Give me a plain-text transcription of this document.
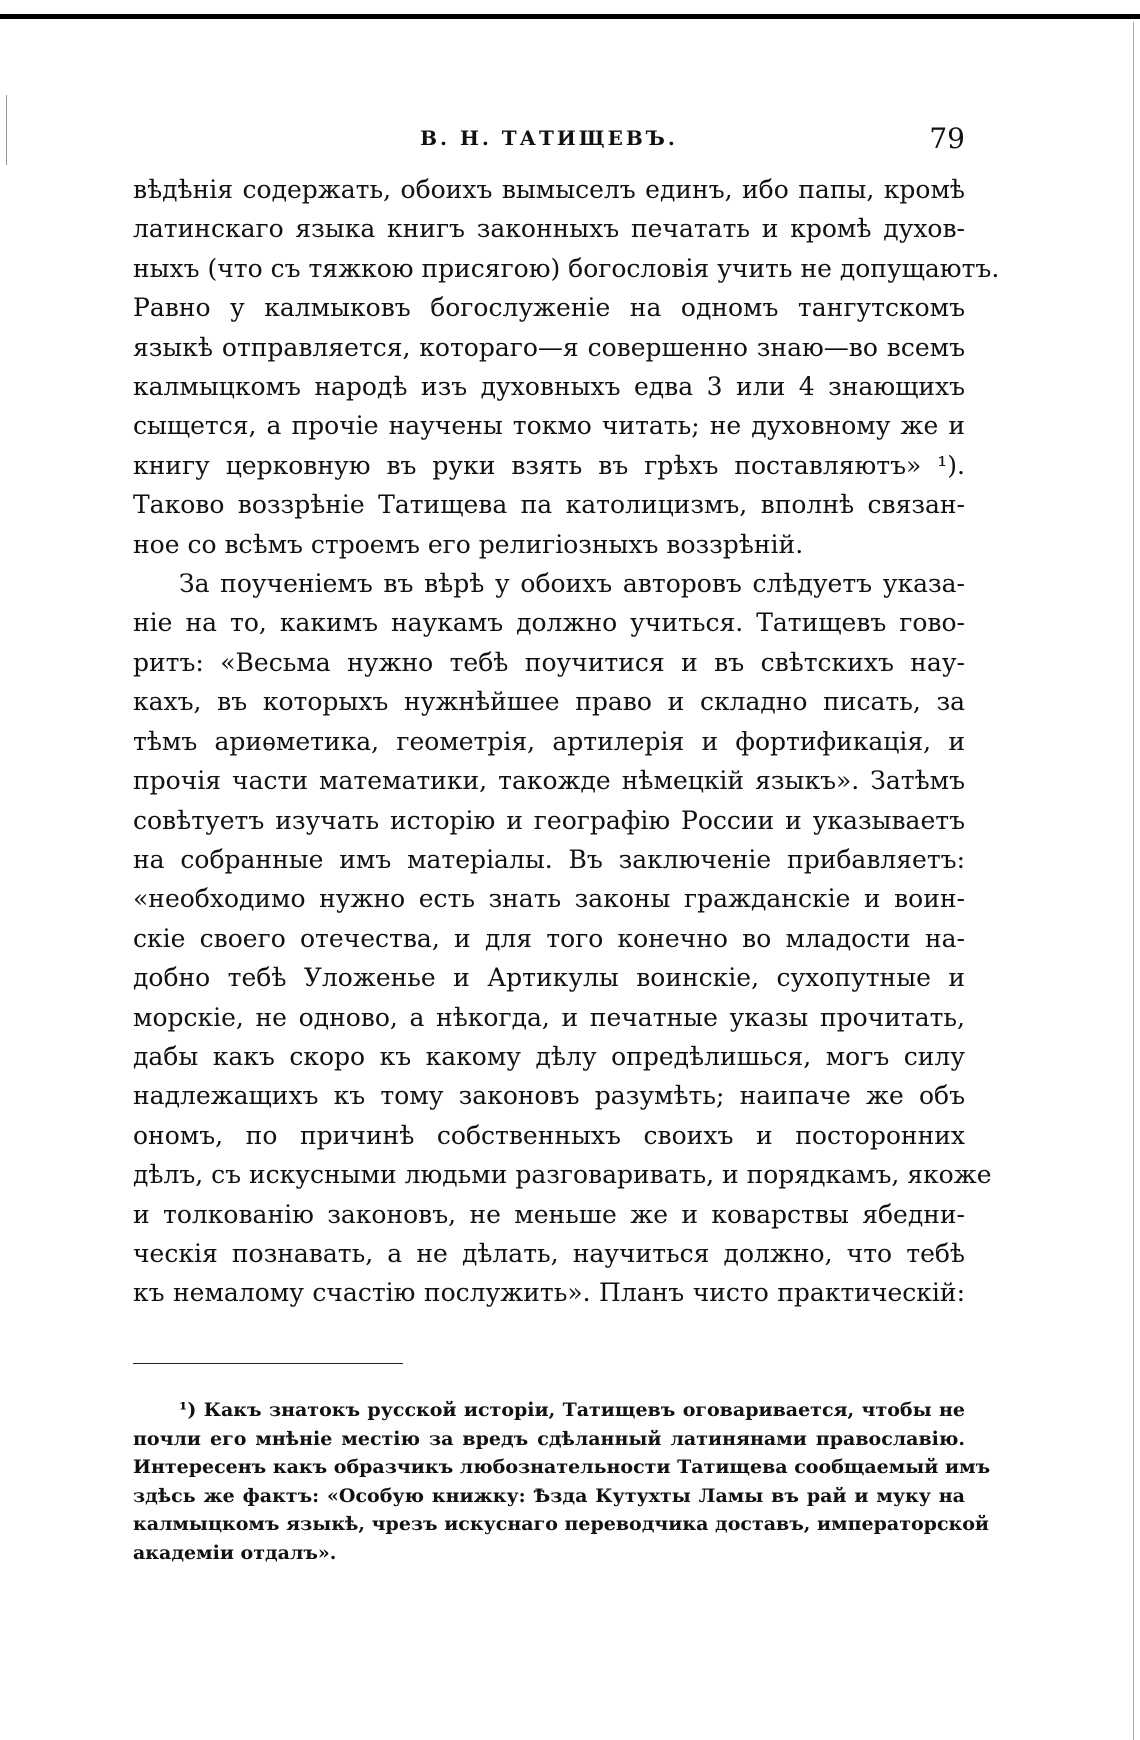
В. Н. ТАТИЩЕВЪ.	79
вѣдѣнія содержать, обоихъ вымыселъ единъ, ибо папы, кромѣ
латинскаго языка книгъ законныхъ печатать и кромѣ духов-
ныхъ (что съ тяжкою присягою) богословія учить не допущаютъ.
Равно у калмыковъ богослуженіе на одномъ тангутскомъ
языкѣ отправляется, котораго—я совершенно знаю—во всемъ
калмыцкомъ народѣ изъ духовныхъ едва 3 или 4 знающихъ
сыщется, а прочіе научены токмо читать; не духовному же и
книгу церковную въ руки взять въ грѣхъ поставляютъ» ¹).
Таково воззрѣніе Татищева па католицизмъ, вполнѣ связан-
ное со всѣмъ строемъ его религіозныхъ воззрѣній.
За поученіемъ въ вѣрѣ у обоихъ авторовъ слѣдуетъ указа-
ніе на то, какимъ наукамъ должно учиться. Татищевъ гово-
ритъ: «Весьма нужно тебѣ поучитися и въ свѣтскихъ нау-
кахъ, въ которыхъ нужнѣйшее право и складно писать, за
тѣмъ ариѳметика, геометрія, артилерія и фортификація, и
прочія части математики, такожде нѣмецкій языкъ». Затѣмъ
совѣтуетъ изучать исторію и географію России и указываетъ
на собранные имъ матеріалы. Въ заключеніе прибавляетъ:
«необходимо нужно есть знать законы гражданскіе и воин-
скіе своего отечества, и для того конечно во младости на-
добно тебѣ Уложенье и Артикулы воинскіе, сухопутные и
морскіе, не одново, а нѣкогда, и печатные указы прочитать,
дабы какъ скоро къ какому дѣлу опредѣлишься, могъ силу
надлежащихъ къ тому законовъ разумѣть; наипаче же объ
ономъ, по причинѣ собственныхъ своихъ и посторонних
дѣлъ, съ искусными людьми разговаривать, и порядкамъ, якоже
и толкованію законовъ, не меньше же и коварствы ябедни-
ческія познавать, а не дѣлать, научиться должно, что тебѣ
къ немалому счастію послужить». Планъ чисто практическій:
¹) Какъ знатокъ русской исторіи, Татищевъ оговаривается, чтобы не
почли его мнѣніе местію за вредъ сдѣланный латинянами православію.
Интересенъ какъ образчикъ любознательности Татищева сообщаемый имъ
здѣсь же фактъ: «Особую книжку: Ѣзда Кутухты Ламы въ рай и муку на
калмыцкомъ языкѣ, чрезъ искуснаго переводчика доставъ, императорской
академіи отдалъ».
